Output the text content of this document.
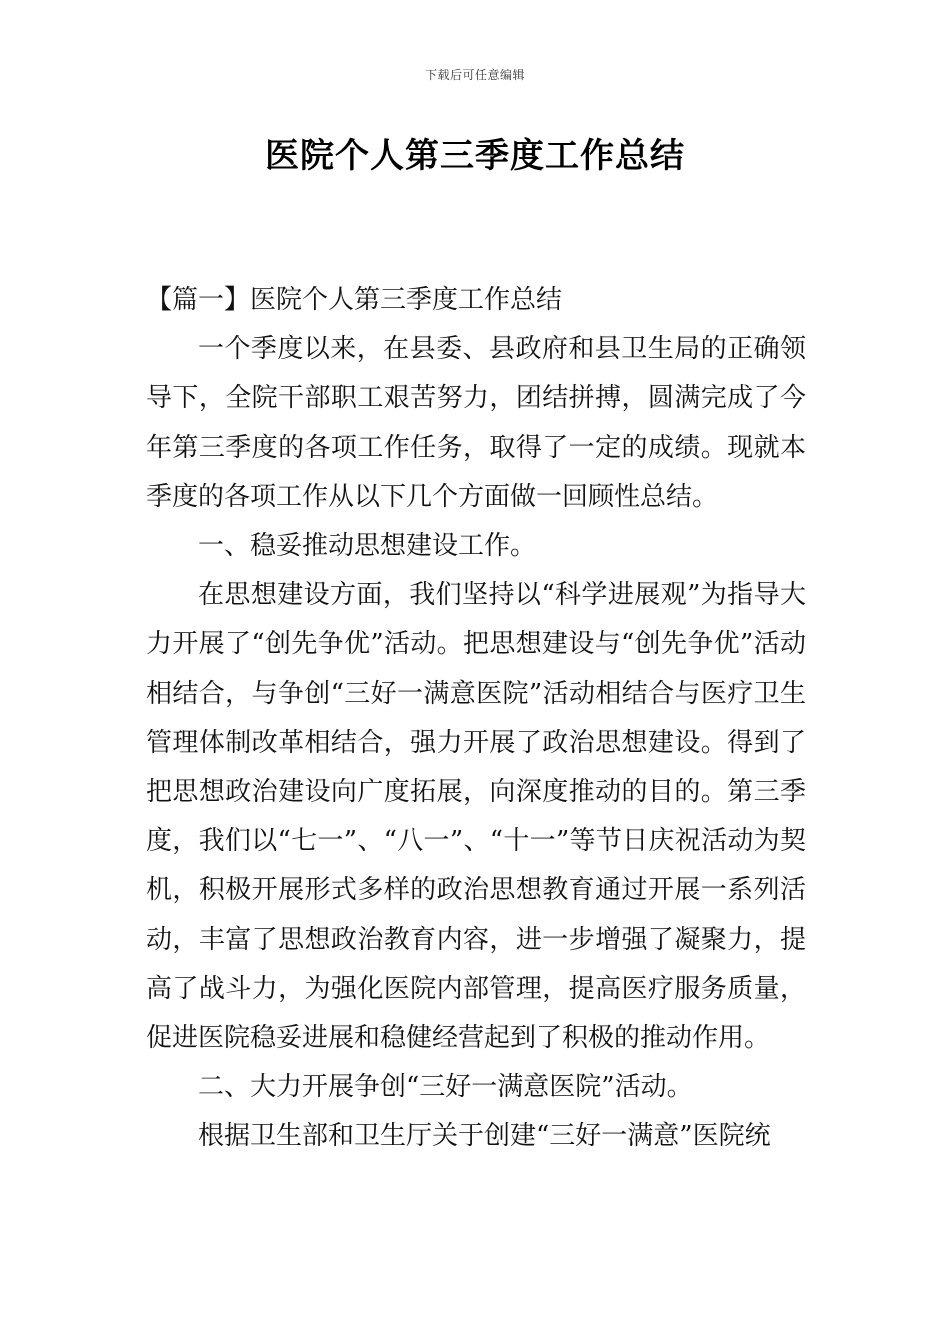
下载后可任意编辑
医院个人第三季度工作总结

【篇一】医院个人第三季度工作总结

一个季度以来，在县委、县政府和县卫生局的正确领导下，全院干部职工艰苦努力，团结拼搏，圆满完成了今年第三季度的各项工作任务，取得了一定的成绩。现就本季度的各项工作从以下几个方面做一回顾性总结。

一、稳妥推动思想建设工作。

在思想建设方面，我们坚持以“科学进展观”为指导大力开展了“创先争优”活动。把思想建设与“创先争优”活动相结合，与争创“三好一满意医院”活动相结合与医疗卫生管理体制改革相结合，强力开展了政治思想建设。得到了把思想政治建设向广度拓展，向深度推动的目的。第三季度，我们以“七一”、“八一”、“十一”等节日庆祝活动为契机，积极开展形式多样的政治思想教育通过开展一系列活动，丰富了思想政治教育内容，进一步增强了凝聚力，提高了战斗力，为强化医院内部管理，提高医疗服务质量，促进医院稳妥进展和稳健经营起到了积极的推动作用。

二、大力开展争创“三好一满意医院”活动。

根据卫生部和卫生厅关于创建“三好一满意”医院统
